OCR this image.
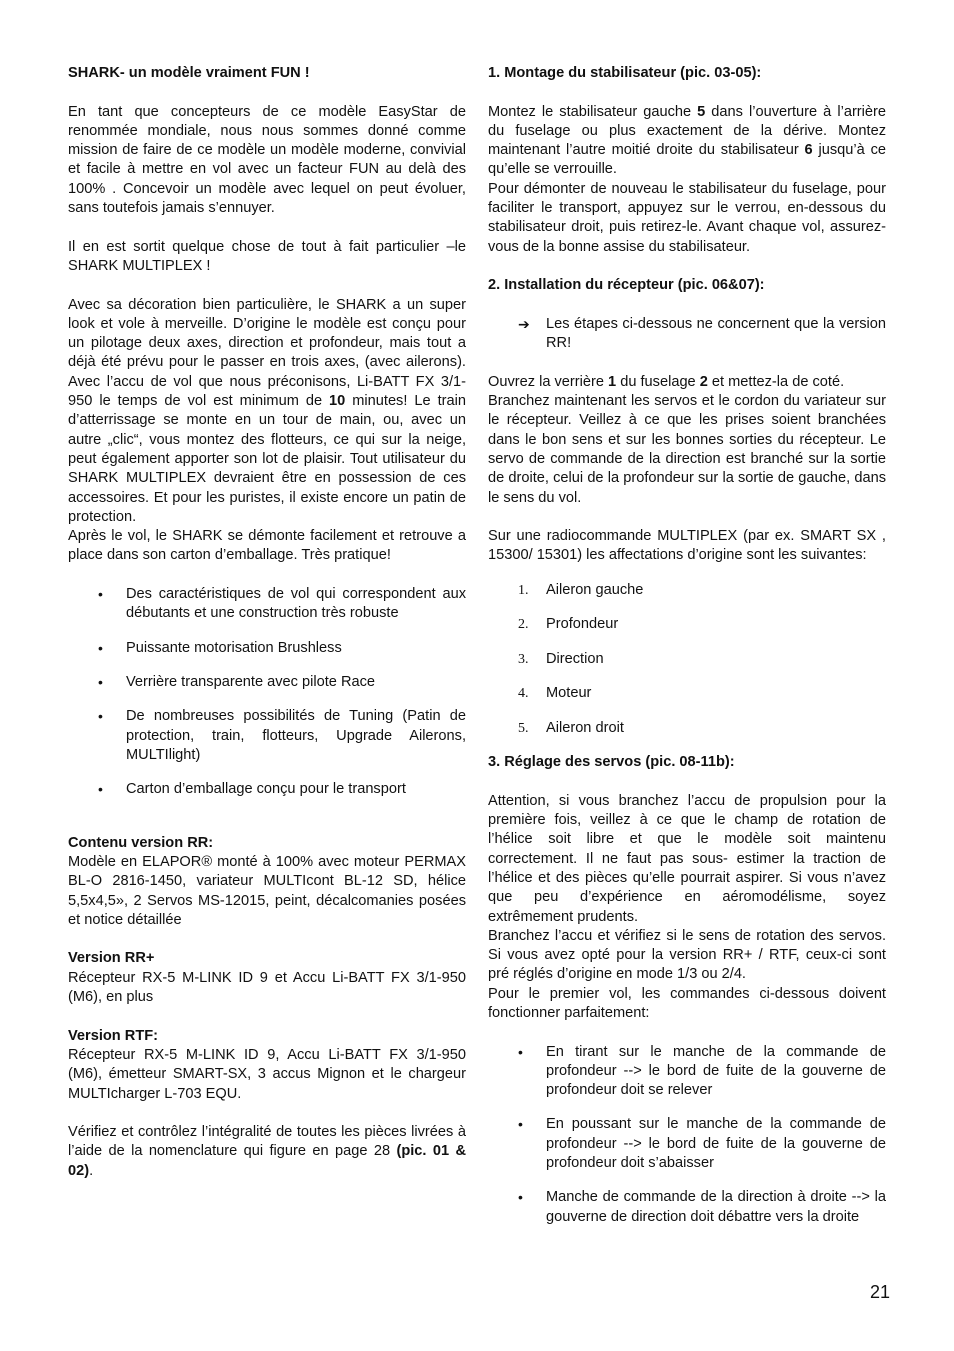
SHARK- un modèle vraiment FUN !

En tant que concepteurs de ce modèle EasyStar de renommée mondiale, nous nous sommes donné comme mission de faire de ce modèle un modèle moderne, convivial et facile à mettre en vol avec un facteur FUN au delà des 100% . Concevoir un modèle avec lequel on peut évoluer, sans toutefois jamais s’ennuyer.

Il en est sortit quelque chose de tout à fait particulier –le SHARK MULTIPLEX !

Avec sa décoration bien particulière, le SHARK a un super look et vole à merveille. D’origine le modèle est conçu pour un pilotage deux axes, direction et profondeur, mais tout a déjà été prévu pour le passer en trois axes, (avec ailerons). Avec l’accu de vol que nous préconisons, Li-BATT FX 3/1-950 le temps de vol est minimum de 10 minutes! Le train d’atterrissage se monte en un tour de main, ou, avec un autre „clic“, vous montez des flotteurs, ce qui sur la neige, peut également apporter son lot de plaisir. Tout utilisateur du SHARK MULTIPLEX devraient être en possession de ces accessoires. Et pour les puristes, il existe encore un patin de protection.

Après le vol, le SHARK se démonte facilement et retrouve a place dans son carton d’emballage. Très pratique!

• Des caractéristiques de vol qui correspondent aux débutants et une construction très robuste
• Puissante motorisation Brushless
• Verrière transparente avec pilote Race
• De nombreuses possibilités de Tuning (Patin de protection, train, flotteurs, Upgrade Ailerons, MULTIlight)
• Carton d’emballage conçu pour le transport

Contenu version RR:

Modèle en ELAPOR® monté à 100% avec moteur PERMAX BL-O 2816-1450, variateur MULTIcont BL-12 SD, hélice 5,5x4,5», 2 Servos MS-12015, peint, décalcomanies posées et notice détaillée

Version RR+

Récepteur RX-5 M-LINK ID 9 et Accu Li-BATT FX 3/1-950 (M6), en plus

Version RTF:

Récepteur RX-5 M-LINK ID 9, Accu Li-BATT FX 3/1-950 (M6), émetteur SMART-SX, 3 accus Mignon et le chargeur MULTIcharger L-703 EQU.

Vérifiez et contrôlez l’intégralité de toutes les pièces livrées à l’aide de la nomenclature qui figure en page 28 (pic. 01 & 02).

1. Montage du stabilisateur (pic. 03-05):

Montez le stabilisateur gauche 5 dans l’ouverture à l’arrière du fuselage ou plus exactement de la dérive. Montez maintenant l’autre moitié droite du stabilisateur 6 jusqu’à ce qu’elle se verrouille.

Pour démonter de nouveau le stabilisateur du fuselage, pour faciliter le transport, appuyez sur le verrou, en-dessous du stabilisateur droit, puis retirez-le. Avant chaque vol, assurez-vous de la bonne assise du stabilisateur.

2. Installation du récepteur (pic. 06&07):

➔ Les étapes ci-dessous ne concernent que la version RR!

Ouvrez la verrière 1 du fuselage 2 et mettez-la de coté.

Branchez maintenant les servos et le cordon du variateur sur le récepteur. Veillez à ce que les prises soient branchées dans le bon sens et sur les bonnes sorties du récepteur. Le servo de commande de la direction est branché sur la sortie de droite, celui de la profondeur sur la sortie de gauche, dans le sens du vol.

Sur une radiocommande MULTIPLEX (par ex. SMART SX , 15300/ 15301) les affectations d’origine sont les suivantes:

1. Aileron gauche
2. Profondeur
3. Direction
4. Moteur
5. Aileron droit

3. Réglage des servos (pic. 08-11b):

Attention, si vous branchez l’accu de propulsion pour la première fois, veillez à ce que le champ de rotation de l’hélice soit libre et que le modèle soit maintenu correctement. Il ne faut pas sous- estimer la traction de l’hélice et des pièces qu’elle pourrait aspirer. Si vous n’avez que peu d’expérience en aéromodélisme, soyez extrêmement prudents.

Branchez l’accu et vérifiez si le sens de rotation des servos. Si vous avez opté pour la version RR+ / RTF, ceux-ci sont pré réglés d’origine en mode 1/3 ou 2/4.

Pour le premier vol, les commandes ci-dessous doivent fonctionner parfaitement:

• En tirant sur le manche de la commande de profondeur --> le bord de fuite de la gouverne de profondeur doit se relever
• En poussant sur le manche de la commande de profondeur --> le bord de fuite de la gouverne de profondeur doit s’abaisser
• Manche de commande de la direction à droite --> la gouverne de direction doit débattre vers la droite
21
